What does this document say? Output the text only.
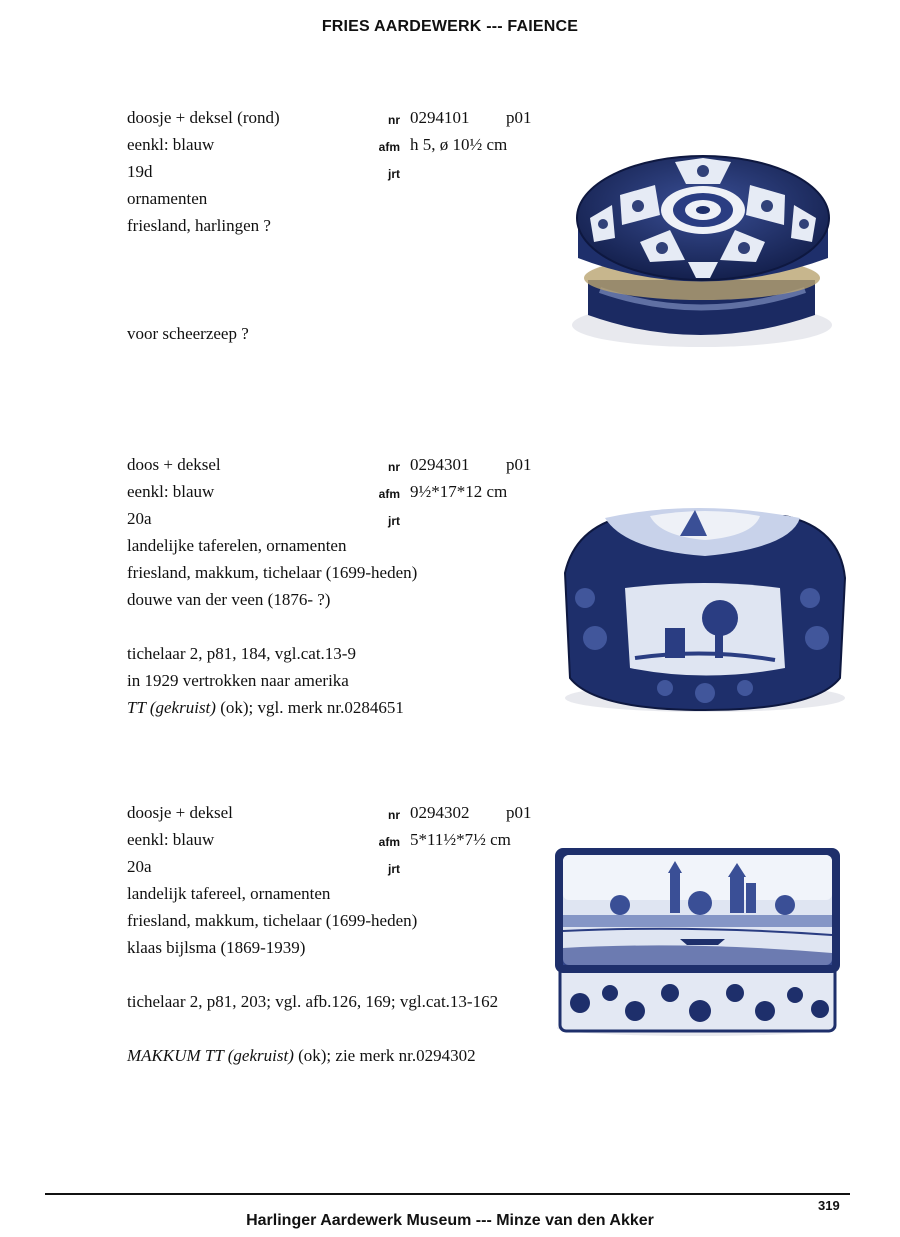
FRIES AARDEWERK --- FAIENCE
doosje + deksel (rond)	nr 0294101 p01
eenkl: blauw	afm h 5, ø 10½ cm
19d	jrt
ornamenten
friesland, harlingen ?
voor scheerzeep ?
doos + deksel	nr 0294301 p01
eenkl: blauw	afm 9½*17*12 cm
20a	jrt
landelijke taferelen, ornamenten
friesland, makkum, tichelaar (1699-heden)
douwe van der veen (1876- ?)
tichelaar 2, p81, 184, vgl.cat.13-9
in 1929 vertrokken naar amerika
TT (gekruist) (ok); vgl. merk nr.0284651
doosje + deksel	nr 0294302 p01
eenkl: blauw	afm 5*11½*7½ cm
20a	jrt
landelijk tafereel, ornamenten
friesland, makkum, tichelaar (1699-heden)
klaas bijlsma (1869-1939)
tichelaar 2, p81, 203; vgl. afb.126, 169; vgl.cat.13-162
MAKKUM TT (gekruist) (ok); zie merk nr.0294302
319
Harlinger Aardewerk Museum --- Minze van den Akker
